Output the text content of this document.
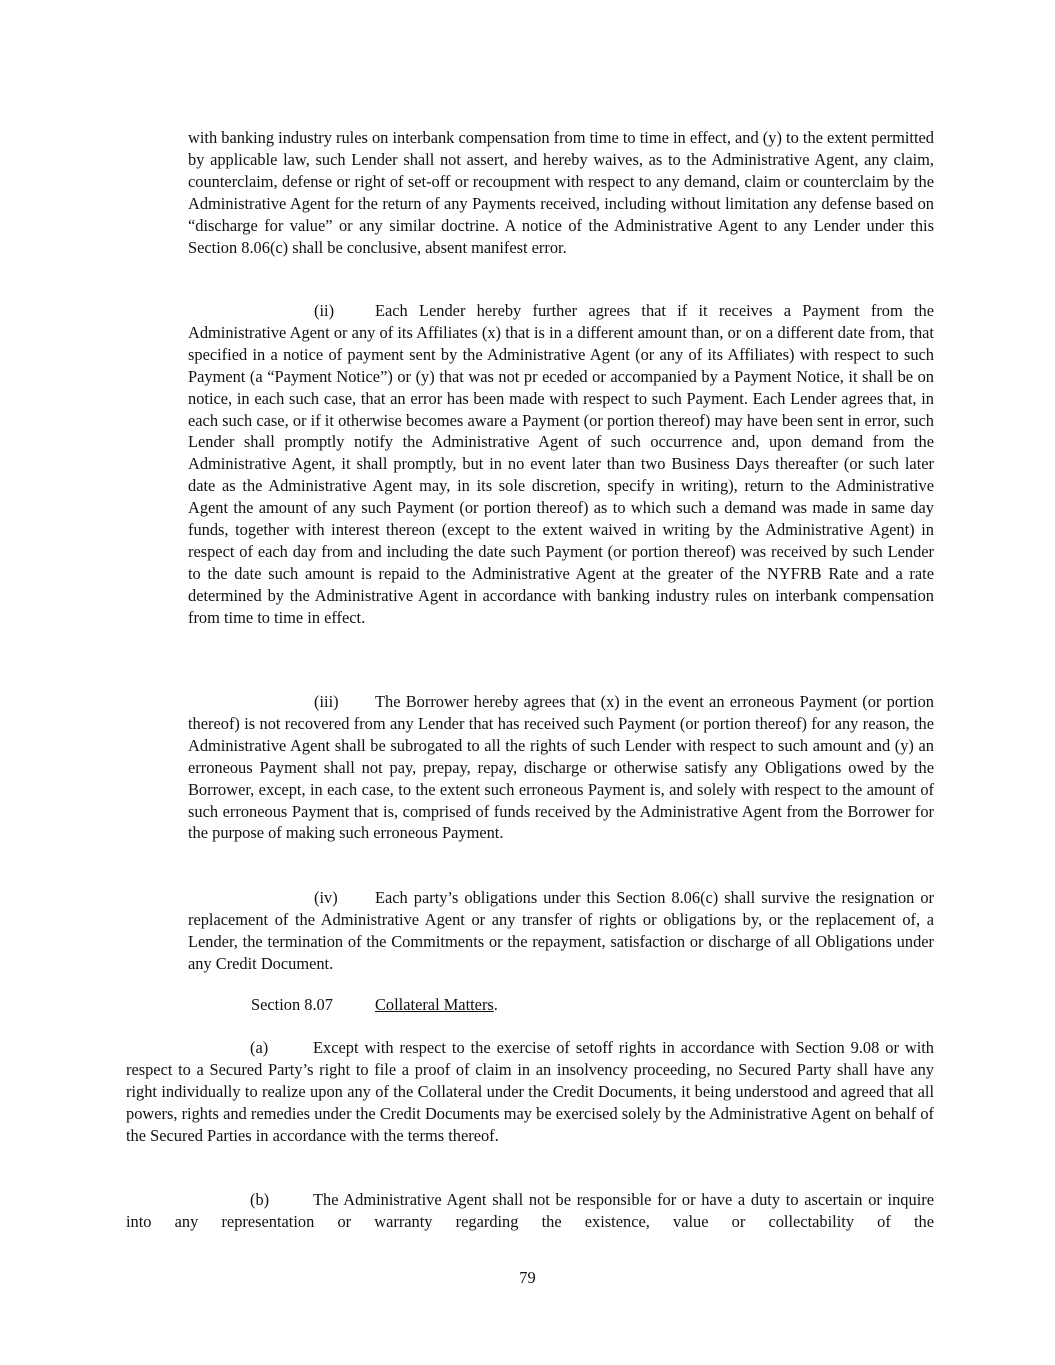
with banking industry rules on interbank compensation from time to time in effect, and (y) to the extent permitted by applicable law, such Lender shall not assert, and hereby waives, as to the Administrative Agent, any claim, counterclaim, defense or right of set-off or recoupment with respect to any demand, claim or counterclaim by the Administrative Agent for the return of any Payments received, including without limitation any defense based on “discharge for value” or any similar doctrine. A notice of the Administrative Agent to any Lender under this Section 8.06(c) shall be conclusive, absent manifest error.

(ii) Each Lender hereby further agrees that if it receives a Payment from the Administrative Agent or any of its Affiliates (x) that is in a different amount than, or on a different date from, that specified in a notice of payment sent by the Administrative Agent (or any of its Affiliates) with respect to such Payment (a “Payment Notice”) or (y) that was not pr eceded or accompanied by a Payment Notice, it shall be on notice, in each such case, that an error has been made with respect to such Payment. Each Lender agrees that, in each such case, or if it otherwise becomes aware a Payment (or portion thereof) may have been sent in error, such Lender shall promptly notify the Administrative Agent of such occurrence and, upon demand from the Administrative Agent, it shall promptly, but in no event later than two Business Days thereafter (or such later date as the Administrative Agent may, in its sole discretion, specify in writing), return to the Administrative Agent the amount of any such Payment (or portion thereof) as to which such a demand was made in same day funds, together with interest thereon (except to the extent waived in writing by the Administrative Agent) in respect of each day from and including the date such Payment (or portion thereof) was received by such Lender to the date such amount is repaid to the Administrative Agent at the greater of the NYFRB Rate and a rate determined by the Administrative Agent in accordance with banking industry rules on interbank compensation from time to time in effect.

(iii) The Borrower hereby agrees that (x) in the event an erroneous Payment (or portion thereof) is not recovered from any Lender that has received such Payment (or portion thereof) for any reason, the Administrative Agent shall be subrogated to all the rights of such Lender with respect to such amount and (y) an erroneous Payment shall not pay, prepay, repay, discharge or otherwise satisfy any Obligations owed by the Borrower, except, in each case, to the extent such erroneous Payment is, and solely with respect to the amount of such erroneous Payment that is, comprised of funds received by the Administrative Agent from the Borrower for the purpose of making such erroneous Payment.

(iv) Each party’s obligations under this Section 8.06(c) shall survive the resignation or replacement of the Administrative Agent or any transfer of rights or obligations by, or the replacement of, a Lender, the termination of the Commitments or the repayment, satisfaction or discharge of all Obligations under any Credit Document.

Section 8.07	Collateral Matters.

(a)	Except with respect to the exercise of setoff rights in accordance with Section 9.08 or with respect to a Secured Party’s right to file a proof of claim in an insolvency proceeding, no Secured Party shall have any right individually to realize upon any of the Collateral under the Credit Documents, it being understood and agreed that all powers, rights and remedies under the Credit Documents may be exercised solely by the Administrative Agent on behalf of the Secured Parties in accordance with the terms thereof.

(b)	The Administrative Agent shall not be responsible for or have a duty to ascertain or inquire into any representation or warranty regarding the existence, value or collectability of the

79
